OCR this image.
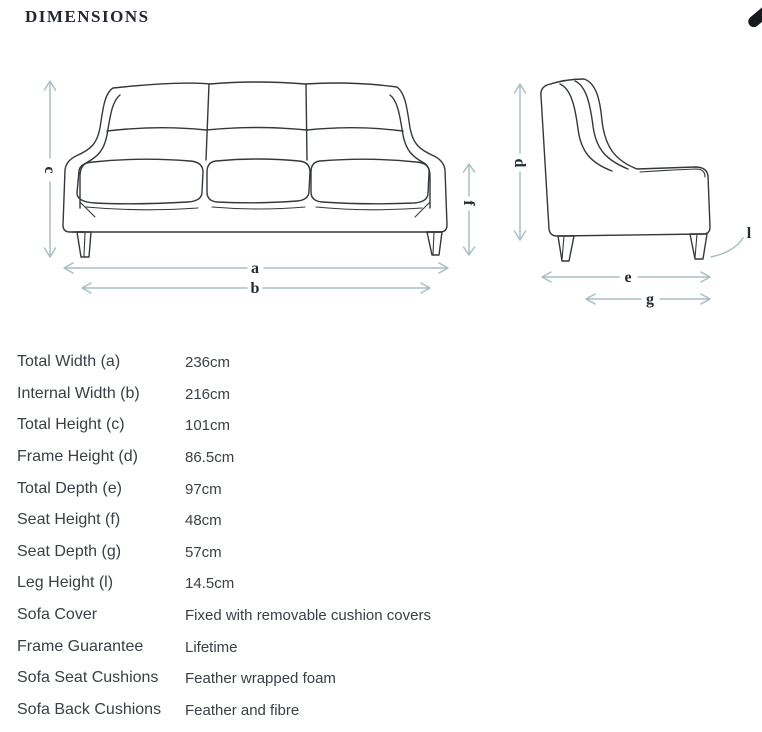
DIMENSIONS
c
f
a
b
d
e
g
l
Total Width (a)	236cm
Internal Width (b)	216cm
Total Height (c)	101cm
Frame Height (d)	86.5cm
Total Depth (e)	97cm
Seat Height (f)	48cm
Seat Depth (g)	57cm
Leg Height (l)	14.5cm
Sofa Cover	Fixed with removable cushion covers
Frame Guarantee	Lifetime
Sofa Seat Cushions	Feather wrapped foam
Sofa Back Cushions	Feather and fibre
